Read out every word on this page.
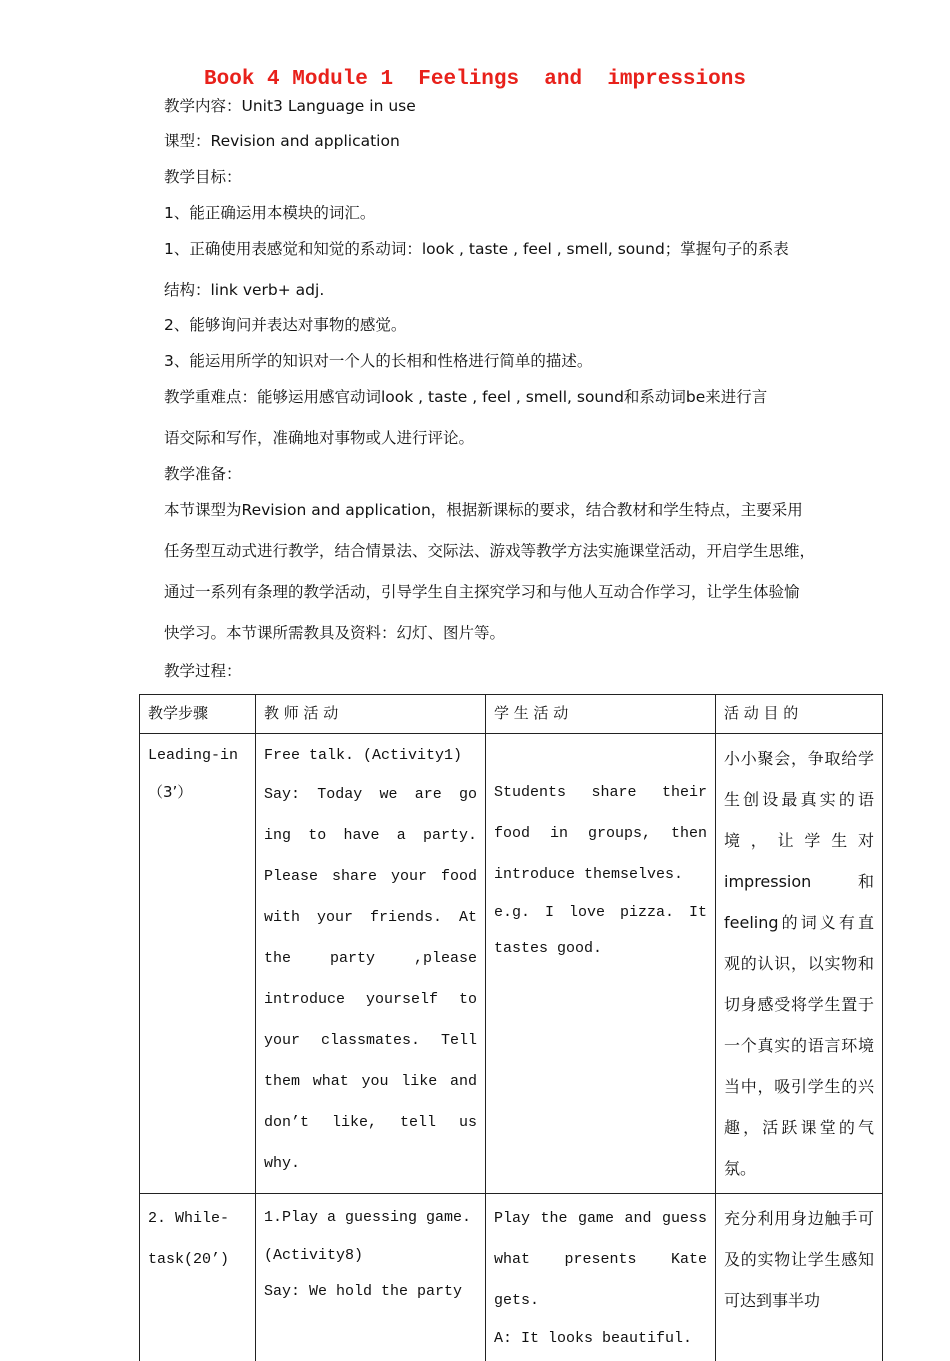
Book 4 Module 1  Feelings  and  impressions
教学内容：Unit3 Language in use
课型：Revision and application
教学目标：
1、能正确运用本模块的词汇。
1、正确使用表感觉和知觉的系动词：look , taste , feel , smell, sound；掌握句子的系表
结构：link verb+ adj.
2、能够询问并表达对事物的感觉。
3、能运用所学的知识对一个人的长相和性格进行简单的描述。
教学重难点：能够运用感官动词look , taste , feel , smell, sound和系动词be来进行言
语交际和写作，准确地对事物或人进行评论。
教学准备：
本节课型为Revision and application，根据新课标的要求，结合教材和学生特点，主要采用
任务型互动式进行教学，结合情景法、交际法、游戏等教学方法实施课堂活动，开启学生思维，
通过一系列有条理的教学活动，引导学生自主探究学习和与他人互动合作学习，让学生体验愉
快学习。本节课所需教具及资料：幻灯、图片等。
教学过程：
教学步骤	教 师 活 动	学 生 活 动	活 动 目 的

Leading-in
（3’）	Free talk. (Activity1)
Say: Today we are go ing to have a party. Please share your food with your friends. At the party ,please introduce yourself to your classmates. Tell them what you like and don’t like, tell us why.	Students share their food in groups, then introduce themselves.
e.g. I love pizza. It tastes good.	小小聚会，争取给学生创设最真实的语境，让学生对impression和feeling的词义有直观的认识，以实物和切身感受将学生置于一个真实的语言环境当中，吸引学生的兴趣，活跃课堂的气氛。
2. While-task(20’)	1.Play a guessing game.
(Activity8)
Say: We hold the party	Play the game and guess what presents Kate gets.
A: It looks beautiful.	充分利用身边触手可及的实物让学生感知可达到事半功
